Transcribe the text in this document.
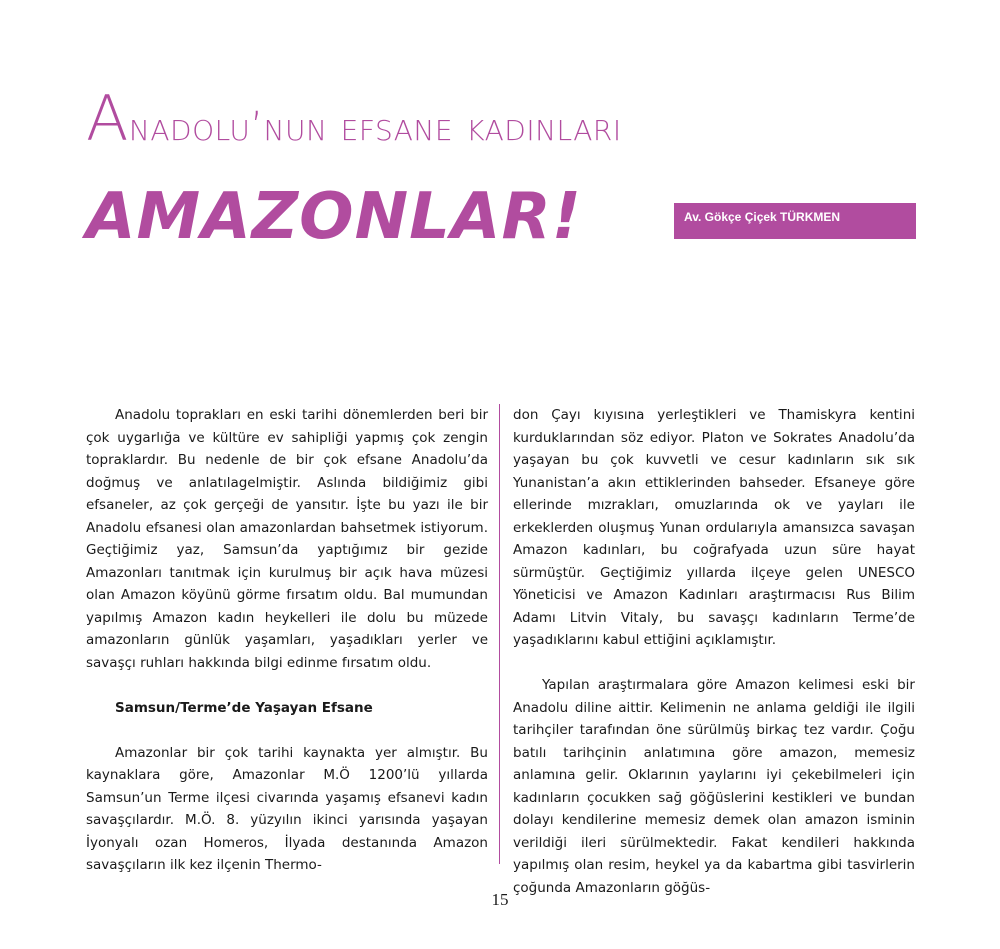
Anadolu’nun efsane kadınları
AMAZONLAR!	Av. Gökçe Çiçek TÜRKMEN

Anadolu toprakları en eski tarihi dönemlerden beri bir çok uygarlığa ve kültüre ev sahipliği yapmış çok zengin topraklardır. Bu nedenle de bir çok efsane Anadolu’da doğmuş ve anlatılagelmiştir. Aslında bildiğimiz gibi efsaneler, az çok gerçeği de yansıtır. İşte bu yazı ile bir Anadolu efsanesi olan amazonlardan bahsetmek istiyorum. Geçtiğimiz yaz, Samsun’da yaptığımız bir gezide Amazonları tanıtmak için kurulmuş bir açık hava müzesi olan Amazon köyünü görme fırsatım oldu. Bal mumundan yapılmış Amazon kadın heykelleri ile dolu bu müzede amazonların günlük yaşamları, yaşadıkları yerler ve savaşçı ruhları hakkında bilgi edinme fırsatım oldu.

Samsun/Terme’de Yaşayan Efsane

Amazonlar bir çok tarihi kaynakta yer almıştır. Bu kaynaklara göre, Amazonlar M.Ö 1200’lü yıllarda Samsun’un Terme ilçesi civarında yaşamış efsanevi kadın savaşçılardır. M.Ö. 8. yüzyılın ikinci yarısında yaşayan İyonyalı ozan Homeros, İlyada destanında Amazon savaşçıların ilk kez ilçenin Thermo-

don Çayı kıyısına yerleştikleri ve Thamiskyra kentini kurduklarından söz ediyor. Platon ve Sokrates Anadolu’da yaşayan bu çok kuvvetli ve cesur kadınların sık sık Yunanistan’a akın ettiklerinden bahseder. Efsaneye göre ellerinde mızrakları, omuzlarında ok ve yayları ile erkeklerden oluşmuş Yunan ordularıyla amansızca savaşan Amazon kadınları, bu coğrafyada uzun süre hayat sürmüştür. Geçtiğimiz yıllarda ilçeye gelen UNESCO Yöneticisi ve Amazon Kadınları araştırmacısı Rus Bilim Adamı Litvin Vitaly, bu savaşçı kadınların Terme’de yaşadıklarını kabul ettiğini açıklamıştır.

Yapılan araştırmalara göre Amazon kelimesi eski bir Anadolu diline aittir. Kelimenin ne anlama geldiği ile ilgili tarihçiler tarafından öne sürülmüş birkaç tez vardır. Çoğu batılı tarihçinin anlatımına göre amazon, memesiz anlamına gelir. Oklarının yaylarını iyi çekebilmeleri için kadınların çocukken sağ göğüslerini kestikleri ve bundan dolayı kendilerine memesiz demek olan amazon isminin verildiği ileri sürülmektedir. Fakat kendileri hakkında yapılmış olan resim, heykel ya da kabartma gibi tasvirlerin çoğunda Amazonların göğüs-

15
